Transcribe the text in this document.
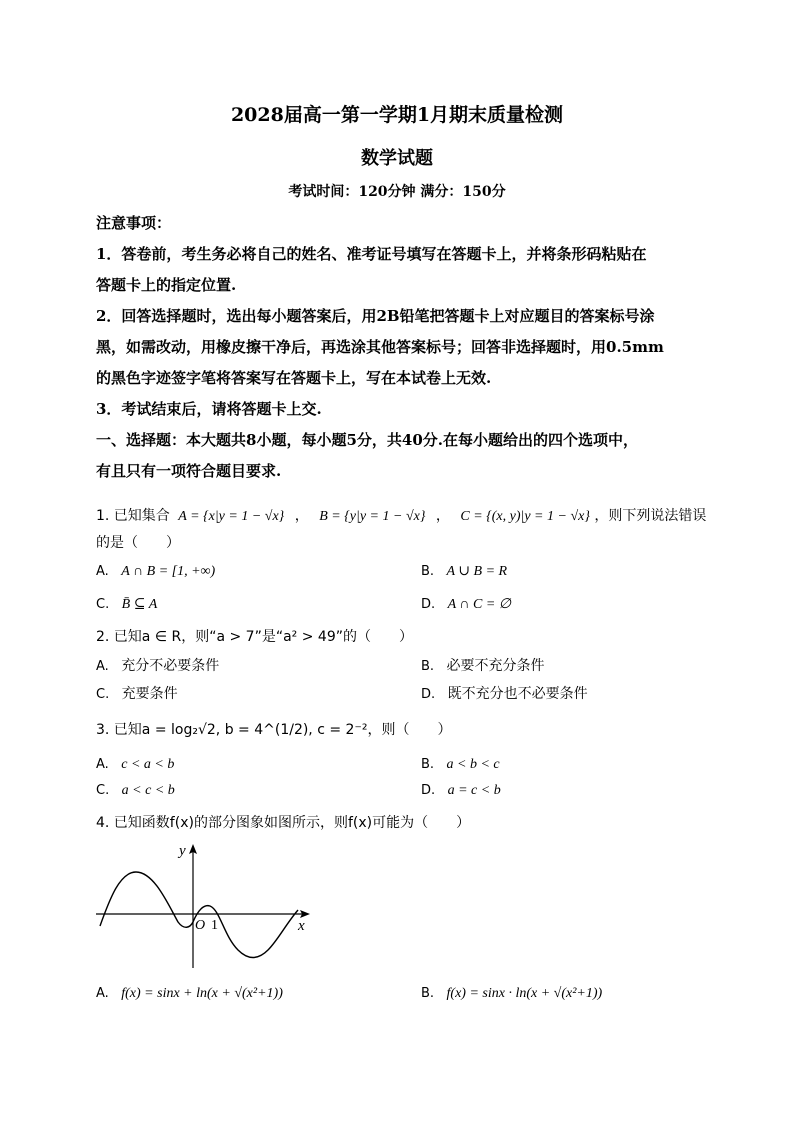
2028届高一第一学期1月期末质量检测
数学试题
考试时间：120分钟 满分：150分
注意事项：
1．答卷前，考生务必将自己的姓名、准考证号填写在答题卡上，并将条形码粘贴在
答题卡上的指定位置.
2．回答选择题时，选出每小题答案后，用2B铅笔把答题卡上对应题目的答案标号涂
黑，如需改动，用橡皮擦干净后，再选涂其他答案标号；回答非选择题时，用0.5mm
的黑色字迹签字笔将答案写在答题卡上，写在本试卷上无效.
3．考试结束后，请将答题卡上交.
一、选择题：本大题共8小题，每小题5分，共40分.在每小题给出的四个选项中，
有且只有一项符合题目要求.
1. 已知集合 A = {x|y = 1 − √x} ， B = {y|y = 1 − √x} ， C = {(x, y)|y = 1 − √x} ，则下列说法错误
的是（　　）
A. A ∩ B = [1, +∞)	B. A ∪ B = R
C. B̄ ⊆ A	D. A ∩ C = ∅
2. 已知a ∈ R，则“a > 7”是“a² > 49”的（　　）
A. 充分不必要条件	B. 必要不充分条件
C. 充要条件	D. 既不充分也不必要条件
3. 已知a = log₂√2, b = 4^(1/2), c = 2⁻²，则（　　）
A. c < a < b	B. a < b < c
C. a < c < b	D. a = c < b
4. 已知函数f(x)的部分图象如图所示，则f(x)可能为（　　）
y
x
O 1
A. f(x) = sinx + ln(x + √(x²+1))	B. f(x) = sinx · ln(x + √(x²+1))
